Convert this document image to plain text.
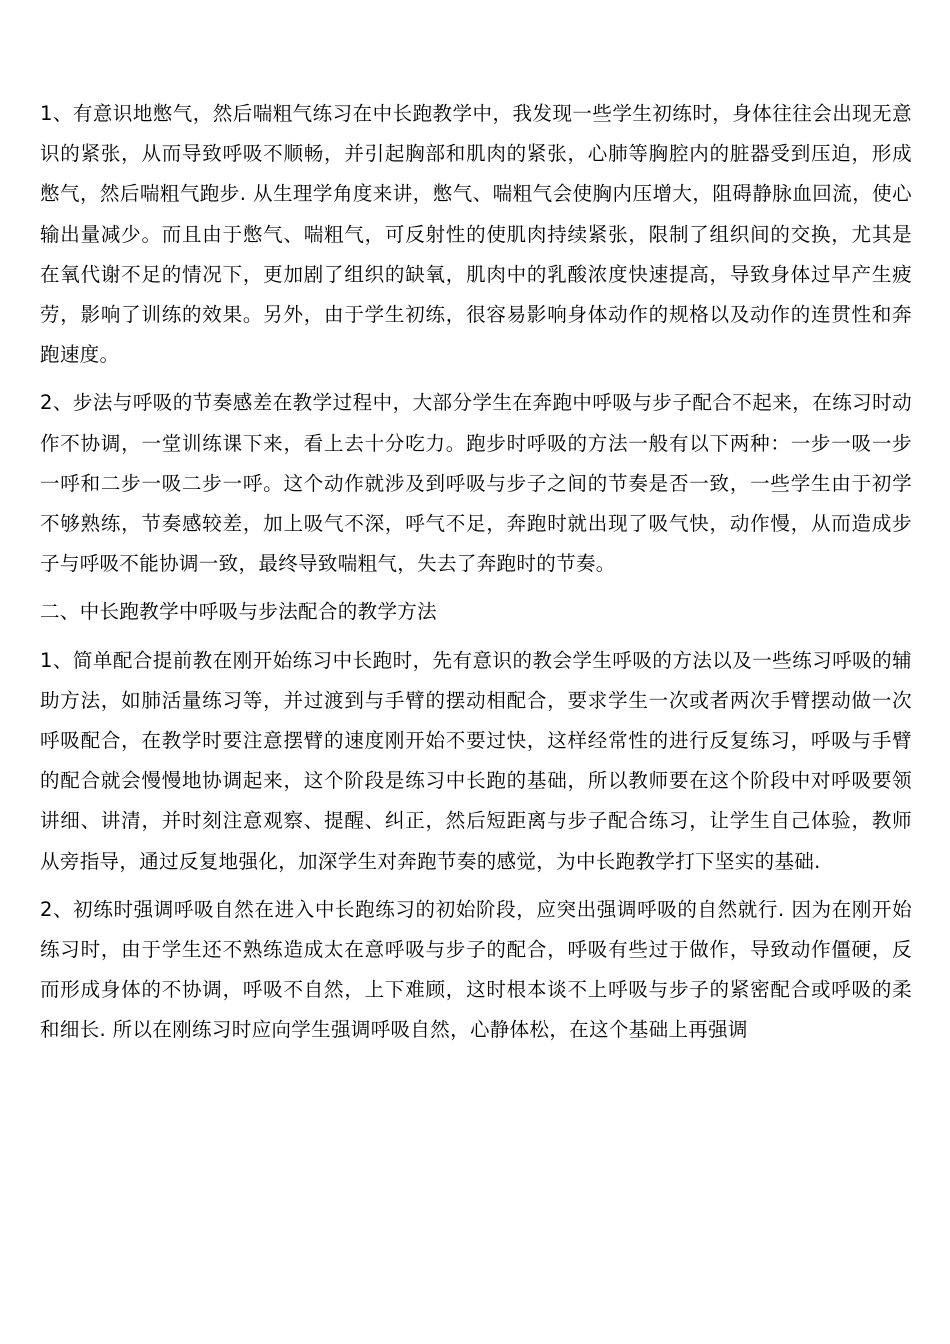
1、有意识地憋气，然后喘粗气练习在中长跑教学中，我发现一些学生初练时，身体往往会出现无意识的紧张，从而导致呼吸不顺畅，并引起胸部和肌肉的紧张，心肺等胸腔内的脏器受到压迫，形成憋气，然后喘粗气跑步. 从生理学角度来讲，憋气、喘粗气会使胸内压增大，阻碍静脉血回流，使心输出量减少。而且由于憋气、喘粗气，可反射性的使肌肉持续紧张，限制了组织间的交换，尤其是在氧代谢不足的情况下，更加剧了组织的缺氧，肌肉中的乳酸浓度快速提高，导致身体过早产生疲劳，影响了训练的效果。另外，由于学生初练，很容易影响身体动作的规格以及动作的连贯性和奔跑速度。

2、步法与呼吸的节奏感差在教学过程中，大部分学生在奔跑中呼吸与步子配合不起来，在练习时动作不协调，一堂训练课下来，看上去十分吃力。跑步时呼吸的方法一般有以下两种：一步一吸一步一呼和二步一吸二步一呼。这个动作就涉及到呼吸与步子之间的节奏是否一致，一些学生由于初学不够熟练，节奏感较差，加上吸气不深，呼气不足，奔跑时就出现了吸气快，动作慢，从而造成步子与呼吸不能协调一致，最终导致喘粗气，失去了奔跑时的节奏。

二、中长跑教学中呼吸与步法配合的教学方法

1、简单配合提前教在刚开始练习中长跑时，先有意识的教会学生呼吸的方法以及一些练习呼吸的辅助方法，如肺活量练习等，并过渡到与手臂的摆动相配合，要求学生一次或者两次手臂摆动做一次呼吸配合，在教学时要注意摆臂的速度刚开始不要过快，这样经常性的进行反复练习，呼吸与手臂的配合就会慢慢地协调起来，这个阶段是练习中长跑的基础，所以教师要在这个阶段中对呼吸要领讲细、讲清，并时刻注意观察、提醒、纠正，然后短距离与步子配合练习，让学生自己体验，教师从旁指导，通过反复地强化，加深学生对奔跑节奏的感觉，为中长跑教学打下坚实的基础.

2、初练时强调呼吸自然在进入中长跑练习的初始阶段，应突出强调呼吸的自然就行. 因为在刚开始练习时，由于学生还不熟练造成太在意呼吸与步子的配合，呼吸有些过于做作，导致动作僵硬，反而形成身体的不协调，呼吸不自然，上下难顾，这时根本谈不上呼吸与步子的紧密配合或呼吸的柔和细长. 所以在刚练习时应向学生强调呼吸自然，心静体松，在这个基础上再强调
